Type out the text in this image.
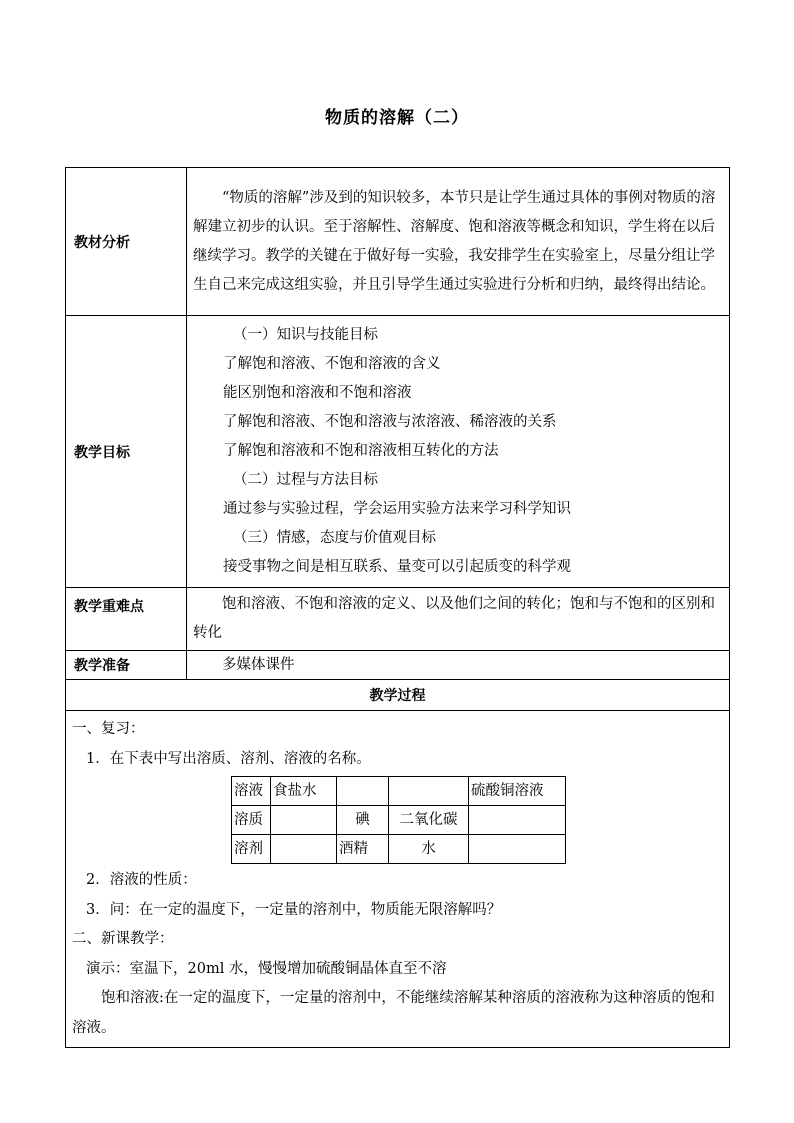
物质的溶解（二）
教材分析	
“物质的溶解”涉及到的知识较多，本节只是让学生通过具体的事例对物质的溶解建立初步的认识。至于溶解性、溶解度、饱和溶液等概念和知识，学生将在以后继续学习。教学的关键在于做好每一实验，我安排学生在实验室上，尽量分组让学生自己来完成这组实验，并且引导学生通过实验进行分析和归纳，最终得出结论。

教学目标	
（一）知识与技能目标
了解饱和溶液、不饱和溶液的含义
能区别饱和溶液和不饱和溶液
了解饱和溶液、不饱和溶液与浓溶液、稀溶液的关系
了解饱和溶液和不饱和溶液相互转化的方法
（二）过程与方法目标
通过参与实验过程，学会运用实验方法来学习科学知识
（三）情感，态度与价值观目标
接受事物之间是相互联系、量变可以引起质变的科学观

教学重难点	饱和溶液、不饱和溶液的定义、以及他们之间的转化；饱和与不饱和的区别和转化

教学准备	多媒体课件

教学过程

一、复习：
1．在下表中写出溶质、溶剂、溶液的名称。
溶液	食盐水			硫酸铜溶液
溶质		碘	二氧化碳	
溶剂		酒精	水	
2．溶液的性质：
3．问：在一定的温度下，一定量的溶剂中，物质能无限溶解吗？
二、新课教学：
演示：室温下，20ml 水，慢慢增加硫酸铜晶体直至不溶
饱和溶液:在一定的温度下，一定量的溶剂中，不能继续溶解某种溶质的溶液称为这种溶质的饱和溶液。
